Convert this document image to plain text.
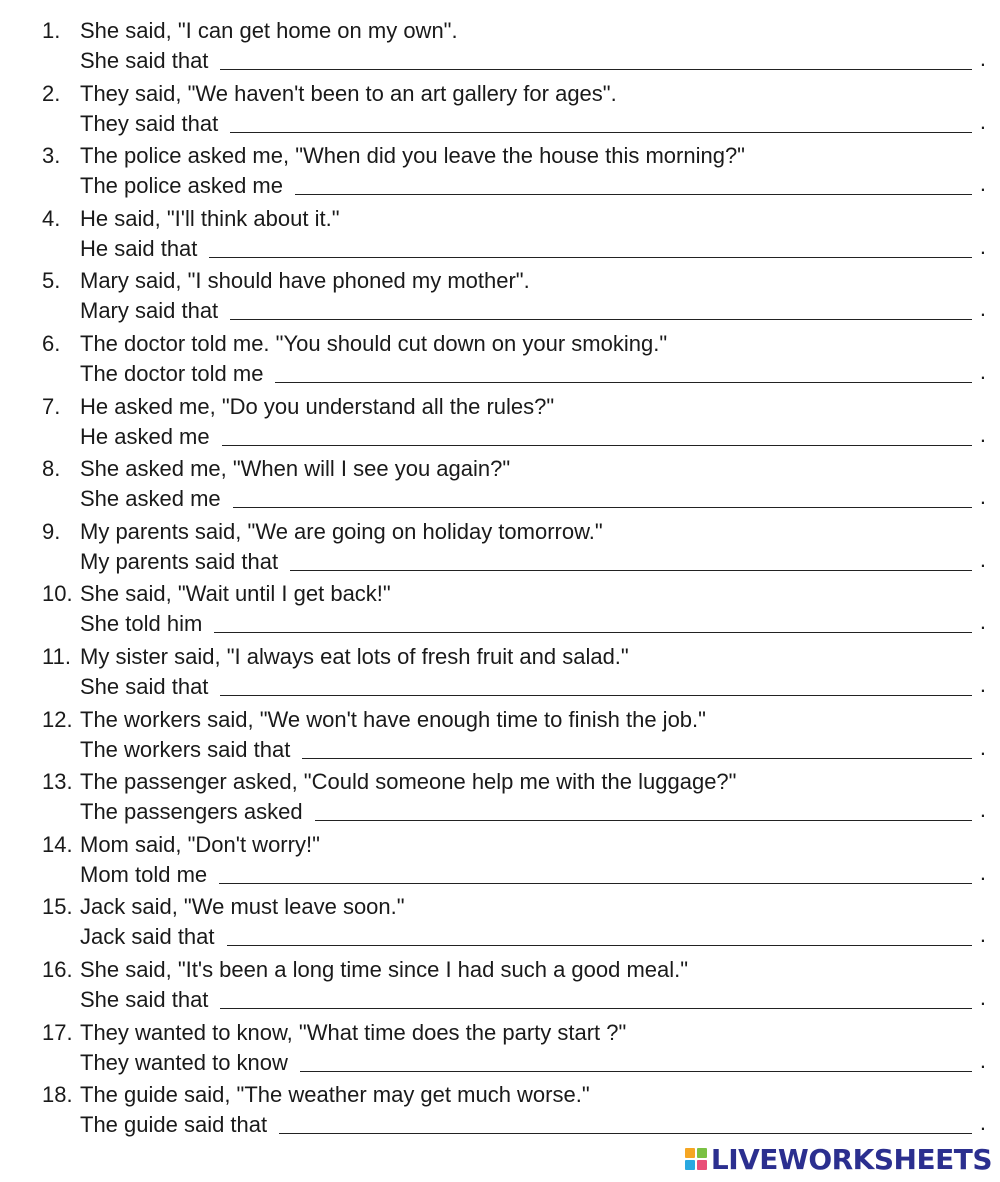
1. She said, "I can get home on my own".
She said that	.
2. They said, "We haven't been to an art gallery for ages".
They said that	.
3. The police asked me, "When did you leave the house this morning?"
The police asked me	.
4. He said, "I'll think about it."
He said that	.
5. Mary said, "I should have phoned my mother".
Mary said that	.
6. The doctor told me. "You should cut down on your smoking."
The doctor told me	.
7. He asked me, "Do you understand all the rules?"
He asked me	.
8. She asked me, "When will I see you again?"
She asked me	.
9. My parents said, "We are going on holiday tomorrow."
My parents said that	.
10. She said, "Wait until I get back!"
She told him	.
11. My sister said, "I always eat lots of fresh fruit and salad."
She said that	.
12. The workers said, "We won't have enough time to finish the job."
The workers said that	.
13. The passenger asked, "Could someone help me with the luggage?"
The passengers asked	.
14. Mom said, "Don't worry!"
Mom told me	.
15. Jack said, "We must leave soon."
Jack said that	.
16. She said, "It's been a long time since I had such a good meal."
She said that	.
17. They wanted to know, "What time does the party start ?"
They wanted to know	.
18. The guide said, "The weather may get much worse."
The guide said that	.
LIVEWORKSHEETS
